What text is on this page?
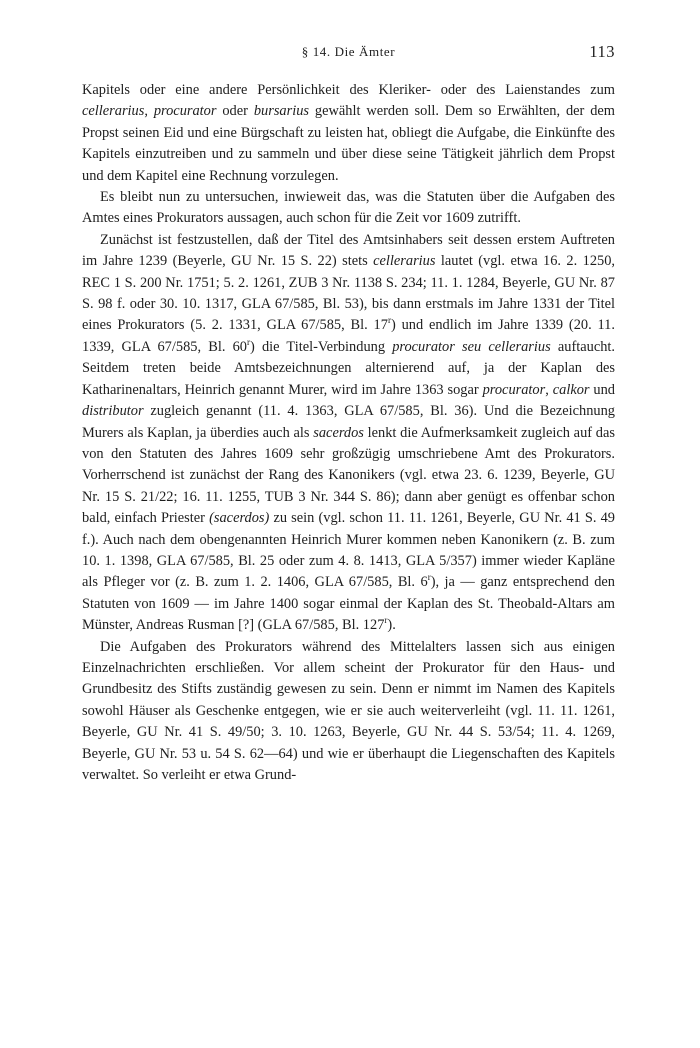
§ 14. Die Ämter	113

Kapitels oder eine andere Persönlichkeit des Kleriker- oder des Laienstandes zum cellerarius, procurator oder bursarius gewählt werden soll. Dem so Erwählten, der dem Propst seinen Eid und eine Bürgschaft zu leisten hat, obliegt die Aufgabe, die Einkünfte des Kapitels einzutreiben und zu sammeln und über diese seine Tätigkeit jährlich dem Propst und dem Kapitel eine Rechnung vorzulegen.

Es bleibt nun zu untersuchen, inwieweit das, was die Statuten über die Aufgaben des Amtes eines Prokurators aussagen, auch schon für die Zeit vor 1609 zutrifft.

Zunächst ist festzustellen, daß der Titel des Amtsinhabers seit dessen erstem Auftreten im Jahre 1239 (Beyerle, GU Nr. 15 S. 22) stets cellerarius lautet (vgl. etwa 16. 2. 1250, REC 1 S. 200 Nr. 1751; 5. 2. 1261, ZUB 3 Nr. 1138 S. 234; 11. 1. 1284, Beyerle, GU Nr. 87 S. 98 f. oder 30. 10. 1317, GLA 67/585, Bl. 53), bis dann erstmals im Jahre 1331 der Titel eines Prokurators (5. 2. 1331, GLA 67/585, Bl. 17$^r$) und endlich im Jahre 1339 (20. 11. 1339, GLA 67/585, Bl. 60$^r$) die Titel-Verbindung procurator seu cellerarius auftaucht. Seitdem treten beide Amtsbezeichnungen alternierend auf, ja der Kaplan des Katharinenaltars, Heinrich genannt Murer, wird im Jahre 1363 sogar procurator, calkor und distributor zugleich genannt (11. 4. 1363, GLA 67/585, Bl. 36). Und die Bezeichnung Murers als Kaplan, ja überdies auch als sacerdos lenkt die Aufmerksamkeit zugleich auf das von den Statuten des Jahres 1609 sehr großzügig umschriebene Amt des Prokurators. Vorherrschend ist zunächst der Rang des Kanonikers (vgl. etwa 23. 6. 1239, Beyerle, GU Nr. 15 S. 21/22; 16. 11. 1255, TUB 3 Nr. 344 S. 86); dann aber genügt es offenbar schon bald, einfach Priester (sacerdos) zu sein (vgl. schon 11. 11. 1261, Beyerle, GU Nr. 41 S. 49 f.). Auch nach dem obengenannten Heinrich Murer kommen neben Kanonikern (z. B. zum 10. 1. 1398, GLA 67/585, Bl. 25 oder zum 4. 8. 1413, GLA 5/357) immer wieder Kapläne als Pfleger vor (z. B. zum 1. 2. 1406, GLA 67/585, Bl. 6$^r$), ja — ganz entsprechend den Statuten von 1609 — im Jahre 1400 sogar einmal der Kaplan des St. Theobald-Altars am Münster, Andreas Rusman [?] (GLA 67/585, Bl. 127$^r$).

Die Aufgaben des Prokurators während des Mittelalters lassen sich aus einigen Einzelnachrichten erschließen. Vor allem scheint der Prokurator für den Haus- und Grundbesitz des Stifts zuständig gewesen zu sein. Denn er nimmt im Namen des Kapitels sowohl Häuser als Geschenke entgegen, wie er sie auch weiterverleiht (vgl. 11. 11. 1261, Beyerle, GU Nr. 41 S. 49/50; 3. 10. 1263, Beyerle, GU Nr. 44 S. 53/54; 11. 4. 1269, Beyerle, GU Nr. 53 u. 54 S. 62—64) und wie er überhaupt die Liegenschaften des Kapitels verwaltet. So verleiht er etwa Grund-
